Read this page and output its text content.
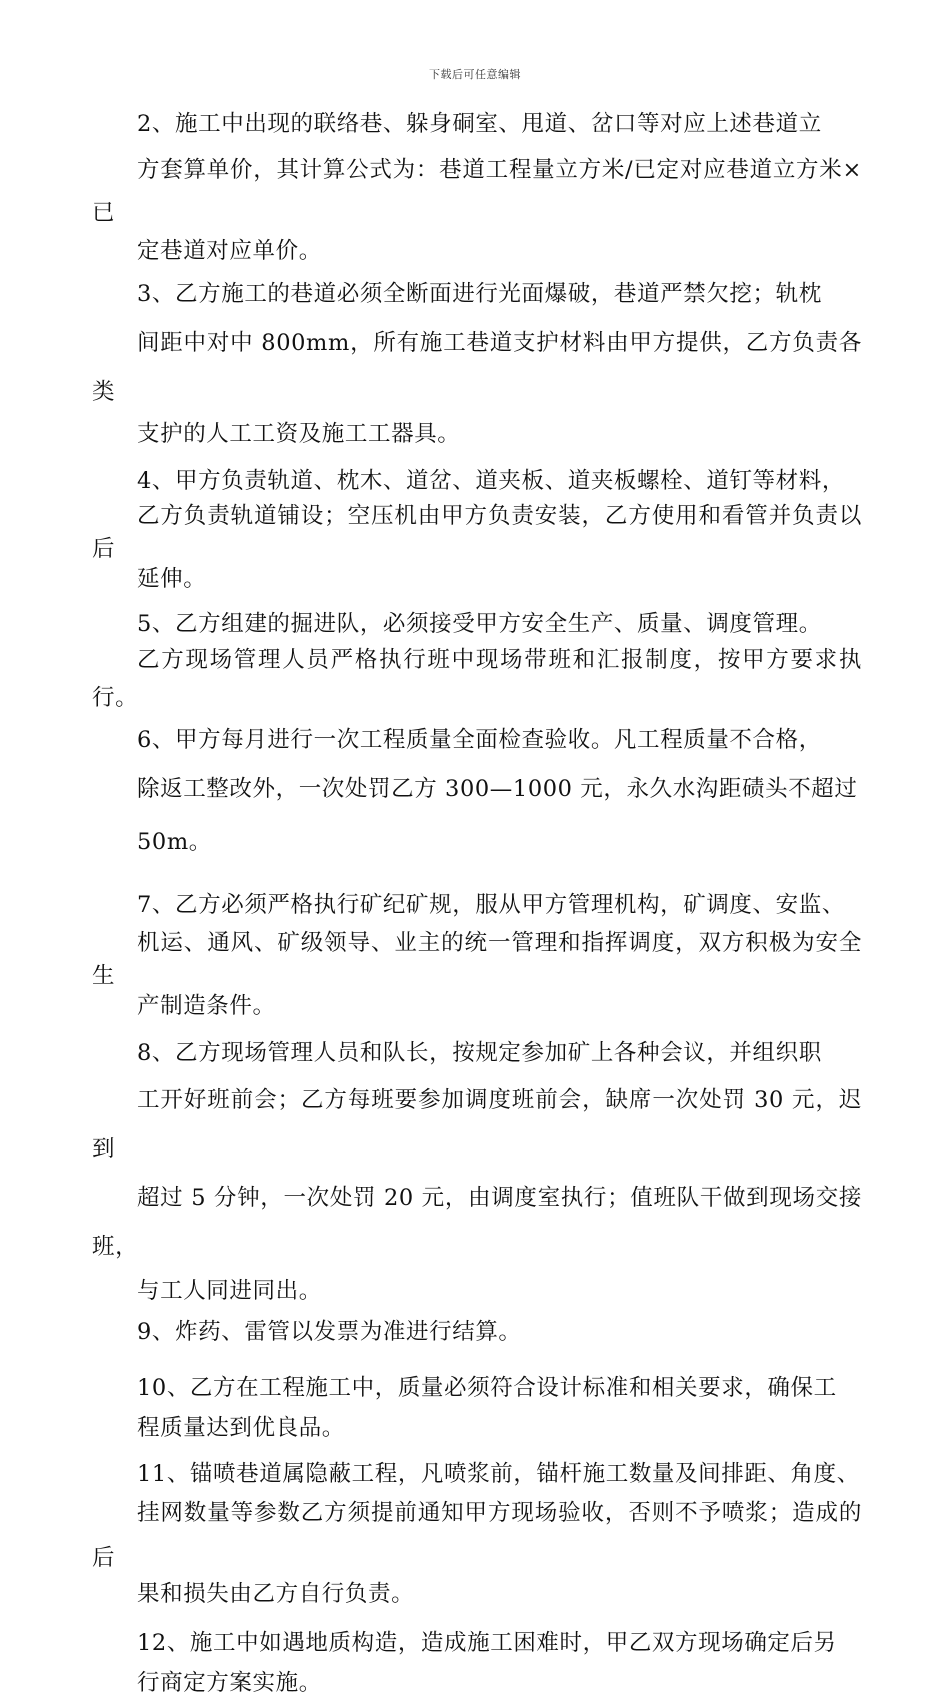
下载后可任意编辑
2、施工中出现的联络巷、躲身硐室、甩道、岔口等对应上述巷道立
方套算单价，其计算公式为：巷道工程量立方米/已定对应巷道立方米×已
定巷道对应单价。
3、乙方施工的巷道必须全断面进行光面爆破，巷道严禁欠挖；轨枕
间距中对中 800mm，所有施工巷道支护材料由甲方提供，乙方负责各类
支护的人工工资及施工工器具。
4、甲方负责轨道、枕木、道岔、道夹板、道夹板螺栓、道钉等材料，
乙方负责轨道铺设；空压机由甲方负责安装，乙方使用和看管并负责以后
延伸。
5、乙方组建的掘进队，必须接受甲方安全生产、质量、调度管理。
乙方现场管理人员严格执行班中现场带班和汇报制度，按甲方要求执行。
6、甲方每月进行一次工程质量全面检查验收。凡工程质量不合格，
除返工整改外，一次处罚乙方 300—1000 元，永久水沟距碛头不超过
50m。
7、乙方必须严格执行矿纪矿规，服从甲方管理机构，矿调度、安监、
机运、通风、矿级领导、业主的统一管理和指挥调度，双方积极为安全生
产制造条件。
8、乙方现场管理人员和队长，按规定参加矿上各种会议，并组织职
工开好班前会；乙方每班要参加调度班前会，缺席一次处罚 30 元，迟到
超过 5 分钟，一次处罚 20 元，由调度室执行；值班队干做到现场交接班，
与工人同进同出。
9、炸药、雷管以发票为准进行结算。
10、乙方在工程施工中，质量必须符合设计标准和相关要求，确保工
程质量达到优良品。
11、锚喷巷道属隐蔽工程，凡喷浆前，锚杆施工数量及间排距、角度、
挂网数量等参数乙方须提前通知甲方现场验收，否则不予喷浆；造成的后
果和损失由乙方自行负责。
12、施工中如遇地质构造，造成施工困难时，甲乙双方现场确定后另
行商定方案实施。
